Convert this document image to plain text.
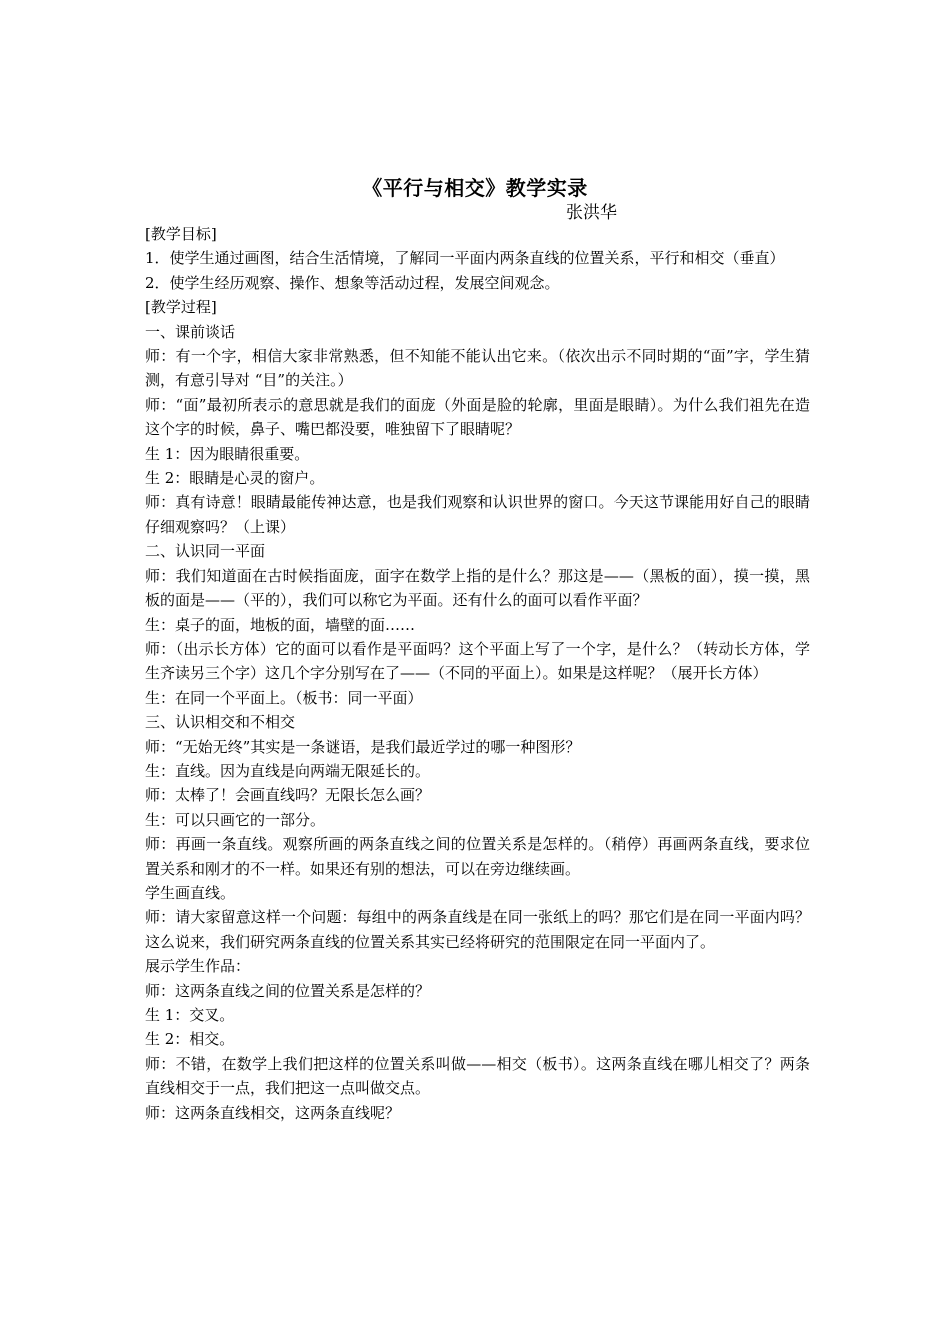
《平行与相交》教学实录
张洪华

[教学目标]

1．使学生通过画图，结合生活情境，了解同一平面内两条直线的位置关系，平行和相交（垂直）

2．使学生经历观察、操作、想象等活动过程，发展空间观念。

[教学过程]

一、课前谈话

师：有一个字，相信大家非常熟悉，但不知能不能认出它来。（依次出示不同时期的“面”字，学生猜测，有意引导对 “目”的关注。）

师：“面”最初所表示的意思就是我们的面庞（外面是脸的轮廓，里面是眼睛）。为什么我们祖先在造这个字的时候，鼻子、嘴巴都没要，唯独留下了眼睛呢？

生 1：因为眼睛很重要。

生 2：眼睛是心灵的窗户。

师：真有诗意！眼睛最能传神达意，也是我们观察和认识世界的窗口。今天这节课能用好自己的眼睛仔细观察吗？（上课）

二、认识同一平面

师：我们知道面在古时候指面庞，面字在数学上指的是什么？那这是——（黑板的面），摸一摸，黑板的面是——（平的），我们可以称它为平面。还有什么的面可以看作平面？

生：桌子的面，地板的面，墙壁的面……

师：（出示长方体）它的面可以看作是平面吗？这个平面上写了一个字，是什么？（转动长方体，学生齐读另三个字）这几个字分别写在了——（不同的平面上）。如果是这样呢？（展开长方体）

生：在同一个平面上。（板书：同一平面）

三、认识相交和不相交

师：“无始无终”其实是一条谜语，是我们最近学过的哪一种图形？

生：直线。因为直线是向两端无限延长的。

师：太棒了！会画直线吗？无限长怎么画？

生：可以只画它的一部分。

师：再画一条直线。观察所画的两条直线之间的位置关系是怎样的。（稍停）再画两条直线，要求位置关系和刚才的不一样。如果还有别的想法，可以在旁边继续画。

学生画直线。

师：请大家留意这样一个问题：每组中的两条直线是在同一张纸上的吗？那它们是在同一平面内吗？这么说来，我们研究两条直线的位置关系其实已经将研究的范围限定在同一平面内了。

展示学生作品：

师：这两条直线之间的位置关系是怎样的？

生 1：交叉。

生 2：相交。

师：不错，在数学上我们把这样的位置关系叫做——相交（板书）。这两条直线在哪儿相交了？两条直线相交于一点，我们把这一点叫做交点。

师：这两条直线相交，这两条直线呢？
